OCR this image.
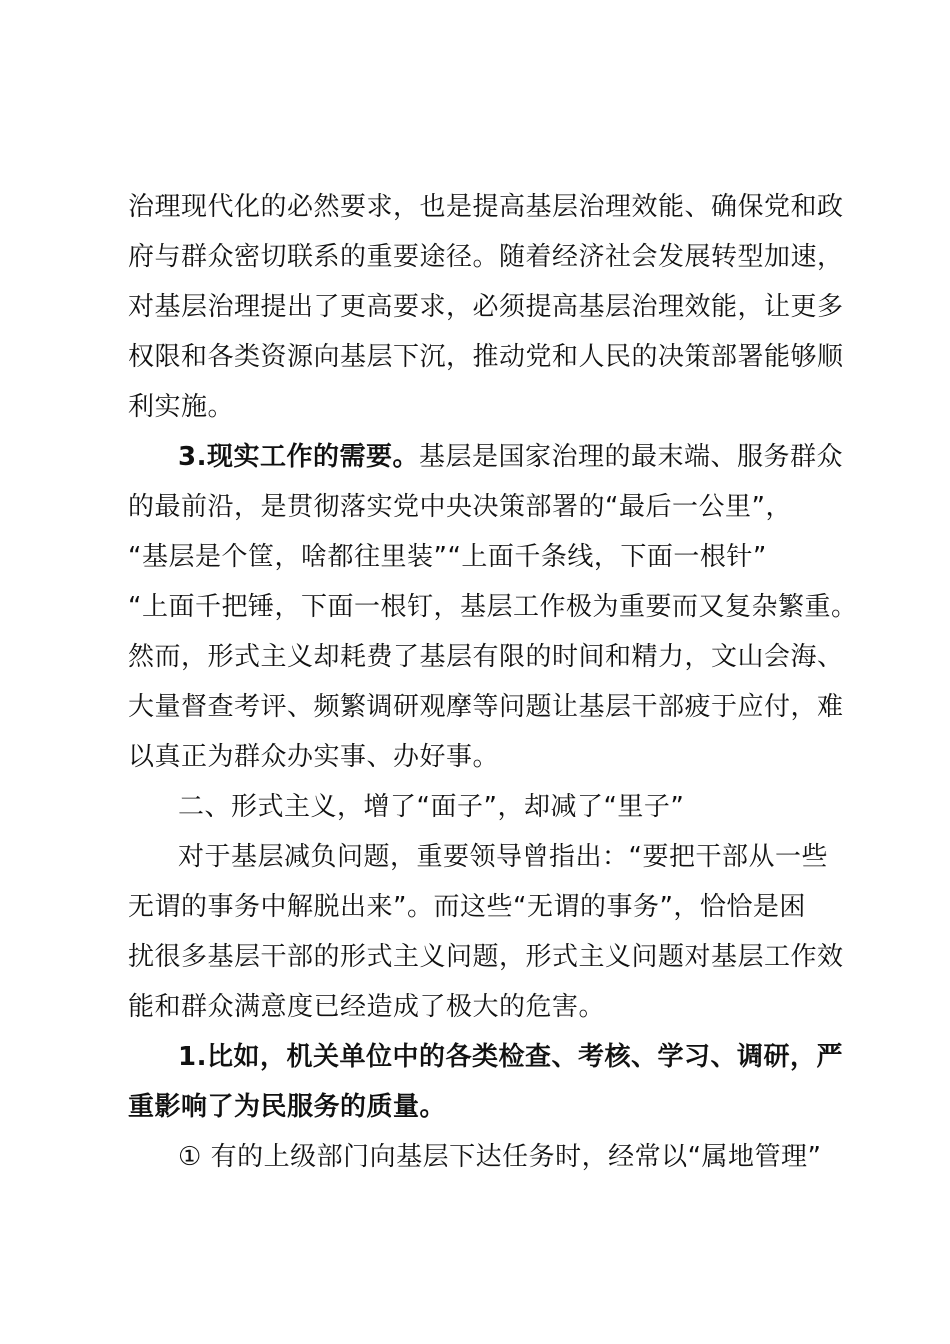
治理现代化的必然要求，也是提高基层治理效能、确保党和政
府与群众密切联系的重要途径。随着经济社会发展转型加速，
对基层治理提出了更高要求，必须提高基层治理效能，让更多
权限和各类资源向基层下沉，推动党和人民的决策部署能够顺
利实施。
3.现实工作的需要。基层是国家治理的最末端、服务群众
的最前沿，是贯彻落实党中央决策部署的“最后一公里”，
“基层是个筐，啥都往里装”“上面千条线，下面一根针”
“上面千把锤，下面一根钉，基层工作极为重要而又复杂繁重。
然而，形式主义却耗费了基层有限的时间和精力，文山会海、
大量督查考评、频繁调研观摩等问题让基层干部疲于应付，难
以真正为群众办实事、办好事。
二、形式主义，增了“面子”，却减了“里子”
对于基层减负问题，重要领导曾指出：“要把干部从一些
无谓的事务中解脱出来”。而这些“无谓的事务”，恰恰是困
扰很多基层干部的形式主义问题，形式主义问题对基层工作效
能和群众满意度已经造成了极大的危害。
1.比如，机关单位中的各类检查、考核、学习、调研，严
重影响了为民服务的质量。
① 有的上级部门向基层下达任务时，经常以“属地管理”
